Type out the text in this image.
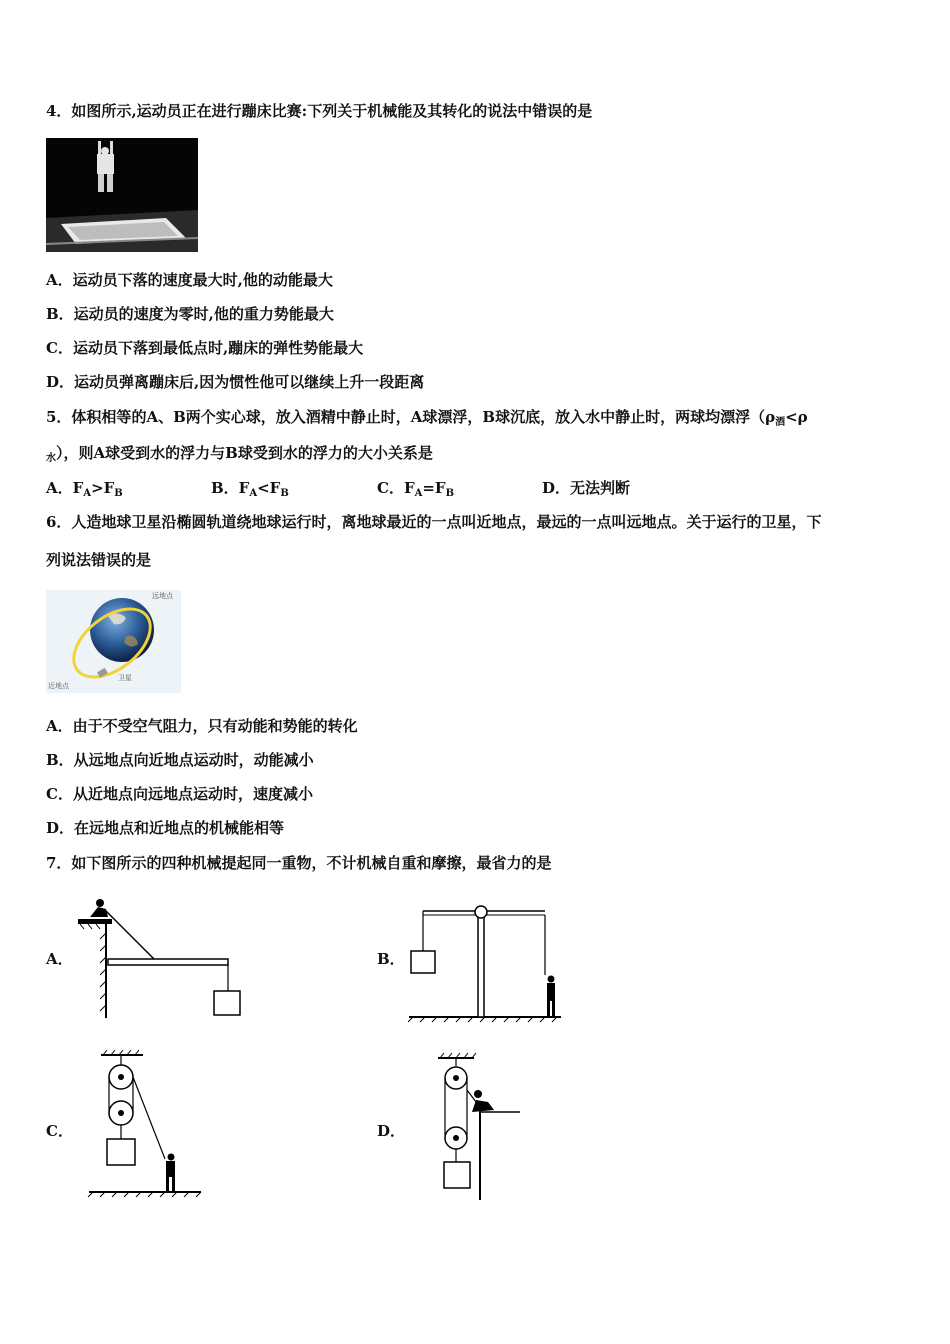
4．如图所示,运动员正在进行蹦床比赛:下列关于机械能及其转化的说法中错误的是
A．运动员下落的速度最大时,他的动能最大
B．运动员的速度为零时,他的重力势能最大
C．运动员下落到最低点时,蹦床的弹性势能最大
D．运动员弹离蹦床后,因为惯性他可以继续上升一段距离
5．体积相等的A、B两个实心球，放入酒精中静止时，A球漂浮，B球沉底，放入水中静止时，两球均漂浮（$\rho_酒<\rho$
$_水$），则A球受到水的浮力与B球受到水的浮力的大小关系是
A．$F_A>F_B$	B．$F_A<F_B$	C．$F_A=F_B$	D．无法判断
6．人造地球卫星沿椭圆轨道绕地球运行时，离地球最近的一点叫近地点，最远的一点叫远地点。关于运行的卫星，下
列说法错误的是
远地点
近地点
卫星
A．由于不受空气阻力，只有动能和势能的转化
B．从远地点向近地点运动时，动能减小
C．从近地点向远地点运动时，速度减小
D．在远地点和近地点的机械能相等
7．如下图所示的四种机械提起同一重物，不计机械自重和摩擦，最省力的是
A．	B．
C．	D．
